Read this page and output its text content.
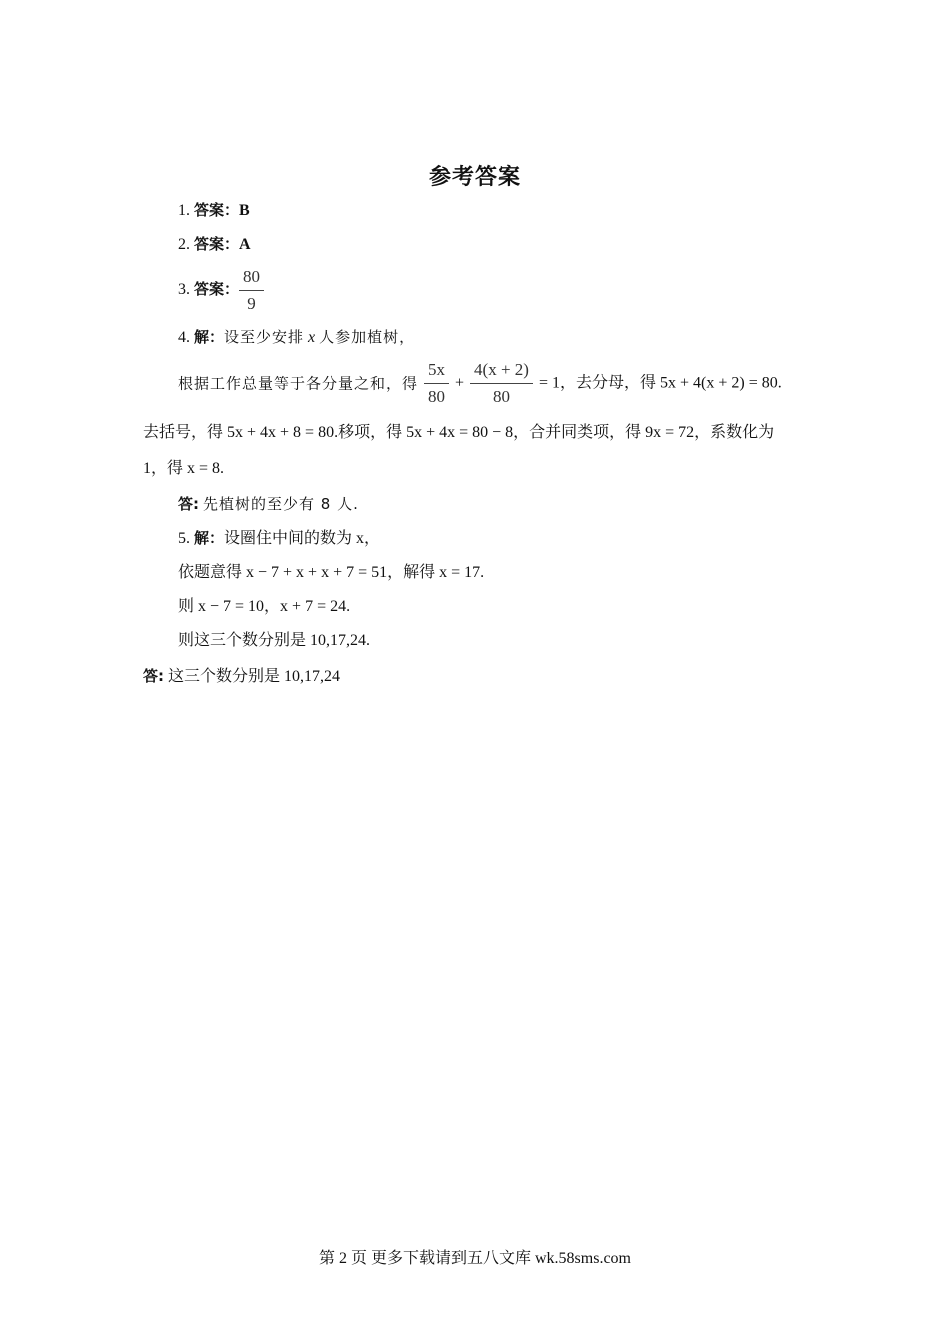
参考答案
1. 答案：B
2. 答案：A
3. 答案： $\frac{80}{9}$
4. 解：设至少安排 x 人参加植树，
根据工作总量等于各分量之和，得 $\frac{5x}{80} + \frac{4(x + 2)}{80} = 1$，去分母，得 5x + 4(x + 2) = 80.
去括号，得 5x + 4x + 8 = 80.移项，得 5x + 4x = 80 − 8，合并同类项，得 9x = 72，系数化为
1，得 x = 8.
答: 先植树的至少有 8 人.
5. 解：设圈住中间的数为 x，
依题意得 x − 7 + x + x + 7 = 51，解得 x = 17.
则 x − 7 = 10，x + 7 = 24.
则这三个数分别是 10,17,24.
答: 这三个数分别是 10,17,24
第 2 页 更多下载请到五八文库 wk.58sms.com
